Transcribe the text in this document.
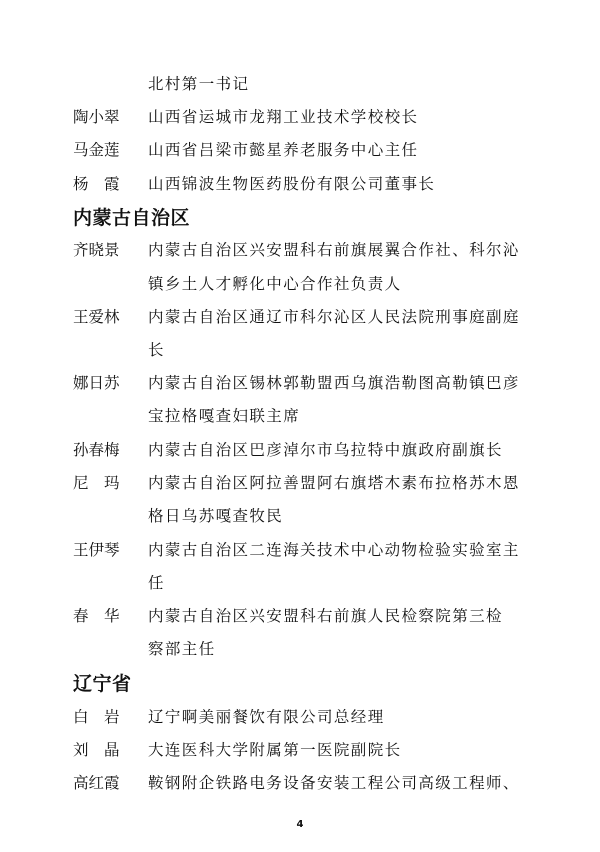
北村第一书记
陶小翠 山西省运城市龙翔工业技术学校校长
马金莲 山西省吕梁市懿星养老服务中心主任
杨 霞 山西锦波生物医药股份有限公司董事长
内蒙古自治区
齐晓景 内蒙古自治区兴安盟科右前旗展翼合作社、科尔沁
镇乡土人才孵化中心合作社负责人
王爱林 内蒙古自治区通辽市科尔沁区人民法院刑事庭副庭
长
娜日苏 内蒙古自治区锡林郭勒盟西乌旗浩勒图高勒镇巴彦
宝拉格嘎查妇联主席
孙春梅 内蒙古自治区巴彦淖尔市乌拉特中旗政府副旗长
尼 玛 内蒙古自治区阿拉善盟阿右旗塔木素布拉格苏木恩
格日乌苏嘎查牧民
王伊琴 内蒙古自治区二连海关技术中心动物检验实验室主
任
春 华 内蒙古自治区兴安盟科右前旗人民检察院第三检
察部主任
辽宁省
白 岩 辽宁啊美丽餐饮有限公司总经理
刘 晶 大连医科大学附属第一医院副院长
高红霞 鞍钢附企铁路电务设备安装工程公司高级工程师、
4
